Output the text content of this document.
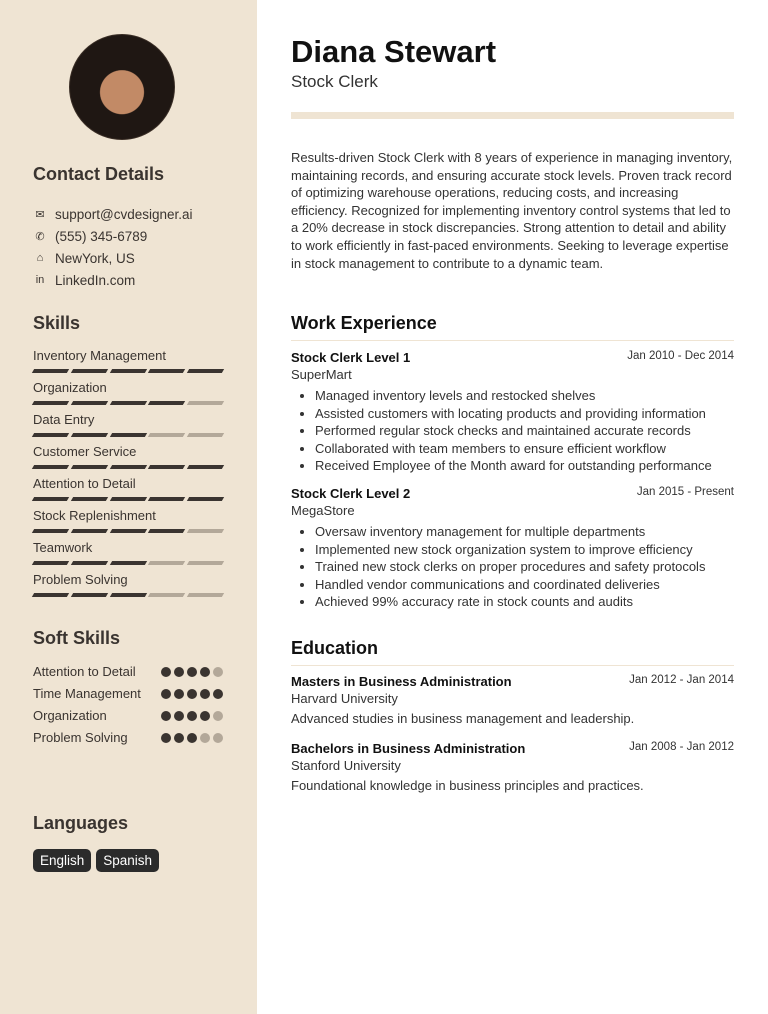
Contact Details
✉ support@cvdesigner.ai
✆ (555) 345-6789
⌂ NewYork, US
in LinkedIn.com
Skills
Inventory Management
Organization
Data Entry
Customer Service
Attention to Detail
Stock Replenishment
Teamwork
Problem Solving
Soft Skills
Attention to Detail
Time Management
Organization
Problem Solving
Languages
English	Spanish
Diana Stewart
Stock Clerk
Results-driven Stock Clerk with 8 years of experience in managing inventory, maintaining records, and ensuring accurate stock levels. Proven track record of optimizing warehouse operations, reducing costs, and increasing efficiency. Recognized for implementing inventory control systems that led to a 20% decrease in stock discrepancies. Strong attention to detail and ability to work efficiently in fast-paced environments. Seeking to leverage expertise in stock management to contribute to a dynamic team.
Work Experience
Stock Clerk Level 1	Jan 2010 - Dec 2014
SuperMart
• Managed inventory levels and restocked shelves
• Assisted customers with locating products and providing information
• Performed regular stock checks and maintained accurate records
• Collaborated with team members to ensure efficient workflow
• Received Employee of the Month award for outstanding performance
Stock Clerk Level 2	Jan 2015 - Present
MegaStore
• Oversaw inventory management for multiple departments
• Implemented new stock organization system to improve efficiency
• Trained new stock clerks on proper procedures and safety protocols
• Handled vendor communications and coordinated deliveries
• Achieved 99% accuracy rate in stock counts and audits
Education
Masters in Business Administration	Jan 2012 - Jan 2014
Harvard University
Advanced studies in business management and leadership.
Bachelors in Business Administration	Jan 2008 - Jan 2012
Stanford University
Foundational knowledge in business principles and practices.
